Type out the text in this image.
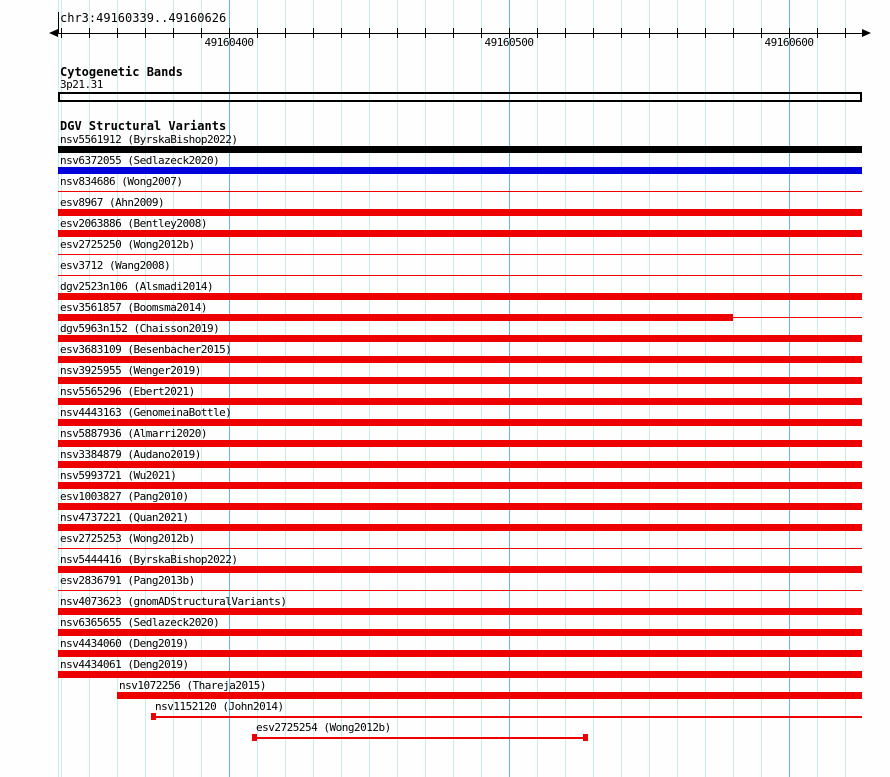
chr3:49160339..49160626
49160400	49160500	49160600
Cytogenetic Bands
3p21.31
DGV Structural Variants
nsv5561912 (ByrskaBishop2022)
nsv6372055 (Sedlazeck2020)
nsv834686 (Wong2007)
esv8967 (Ahn2009)
esv2063886 (Bentley2008)
esv2725250 (Wong2012b)
esv3712 (Wang2008)
dgv2523n106 (Alsmadi2014)
esv3561857 (Boomsma2014)
dgv5963n152 (Chaisson2019)
esv3683109 (Besenbacher2015)
nsv3925955 (Wenger2019)
nsv5565296 (Ebert2021)
nsv4443163 (GenomeinaBottle)
nsv5887936 (Almarri2020)
nsv3384879 (Audano2019)
nsv5993721 (Wu2021)
esv1003827 (Pang2010)
nsv4737221 (Quan2021)
esv2725253 (Wong2012b)
nsv5444416 (ByrskaBishop2022)
esv2836791 (Pang2013b)
nsv4073623 (gnomADStructuralVariants)
nsv6365655 (Sedlazeck2020)
nsv4434060 (Deng2019)
nsv4434061 (Deng2019)
nsv1072256 (Thareja2015)
nsv1152120 (John2014)
esv2725254 (Wong2012b)
